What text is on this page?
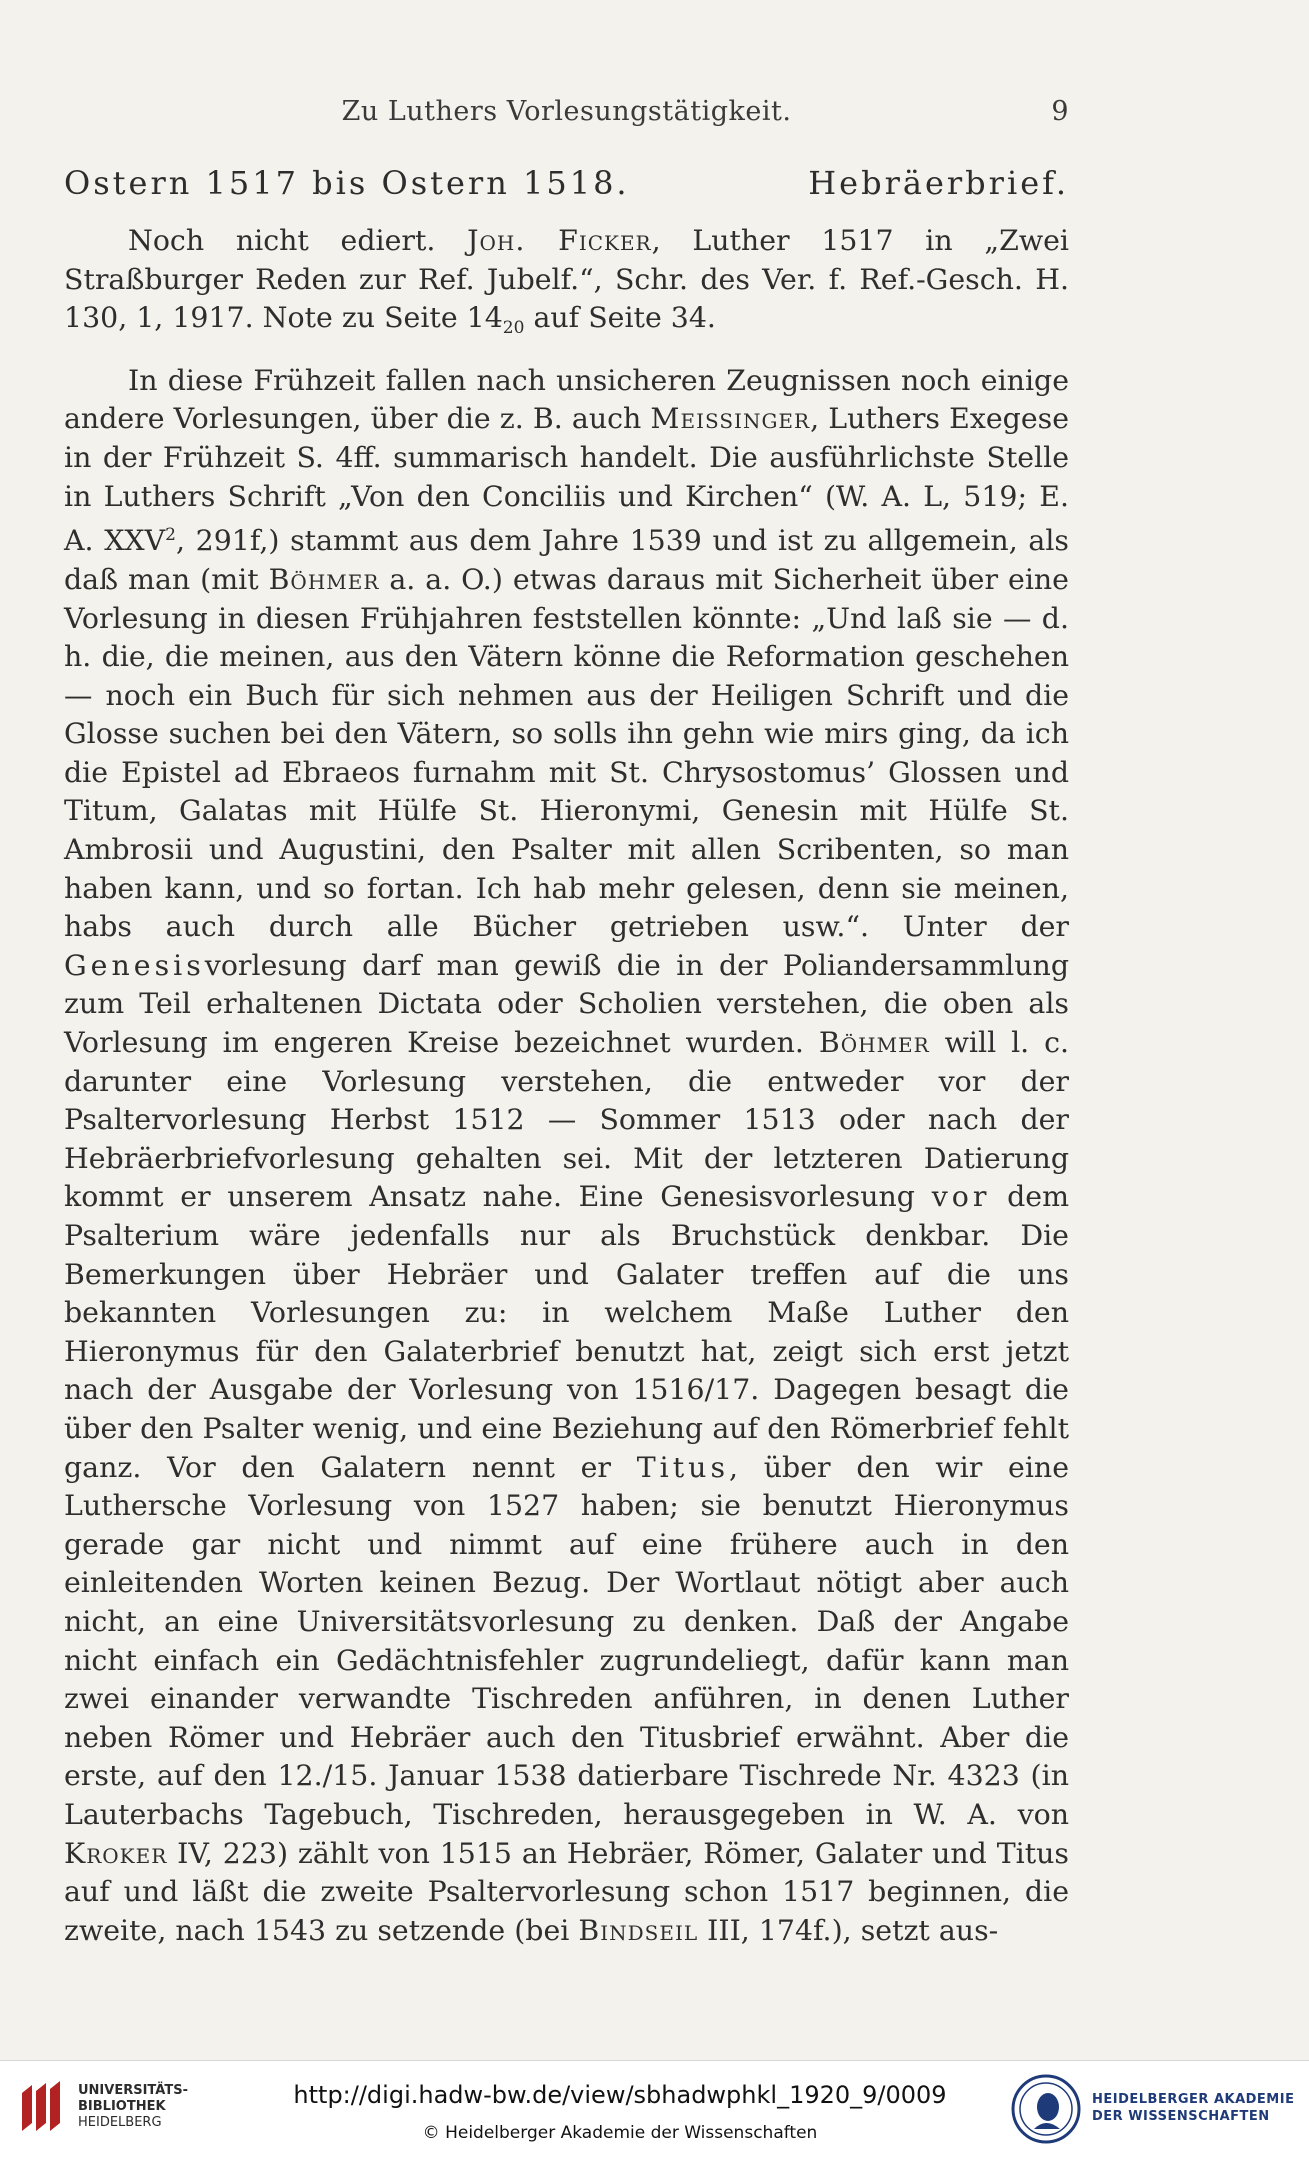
Zu Luthers Vorlesungstätigkeit.	9
Ostern 1517 bis Ostern 1518.	Hebräerbrief.

Noch nicht ediert. Joh. Ficker, Luther 1517 in „Zwei Straßburger Reden zur Ref. Jubelf.“, Schr. des Ver. f. Ref.-Gesch. H. 130, 1, 1917. Note zu Seite $14_{20}$ auf Seite 34.

In diese Frühzeit fallen nach unsicheren Zeugnissen noch einige andere Vorlesungen, über die z. B. auch Meissinger, Luthers Exegese in der Frühzeit S. 4ff. summarisch handelt. Die ausführlichste Stelle in Luthers Schrift „Von den Conciliis und Kirchen“ (W. A. L, 519; E. A. XXV$^2$, 291f,) stammt aus dem Jahre 1539 und ist zu allgemein, als daß man (mit Böhmer a. a. O.) etwas daraus mit Sicherheit über eine Vorlesung in diesen Frühjahren feststellen könnte: „Und laß sie — d. h. die, die meinen, aus den Vätern könne die Reformation geschehen — noch ein Buch für sich nehmen aus der Heiligen Schrift und die Glosse suchen bei den Vätern, so solls ihn gehn wie mirs ging, da ich die Epistel ad Ebraeos furnahm mit St. Chrysostomus’ Glossen und Titum, Galatas mit Hülfe St. Hieronymi, Genesin mit Hülfe St. Ambrosii und Augustini, den Psalter mit allen Scribenten, so man haben kann, und so fortan. Ich hab mehr gelesen, denn sie meinen, habs auch durch alle Bücher getrieben usw.“. Unter der Genesisvorlesung darf man gewiß die in der Poliandersammlung zum Teil erhaltenen Dictata oder Scholien verstehen, die oben als Vorlesung im engeren Kreise bezeichnet wurden. Böhmer will l. c. darunter eine Vorlesung verstehen, die entweder vor der Psaltervorlesung Herbst 1512 — Sommer 1513 oder nach der Hebräerbriefvorlesung gehalten sei. Mit der letzteren Datierung kommt er unserem Ansatz nahe. Eine Genesisvorlesung vor dem Psalterium wäre jedenfalls nur als Bruchstück denkbar. Die Bemerkungen über Hebräer und Galater treffen auf die uns bekannten Vorlesungen zu: in welchem Maße Luther den Hieronymus für den Galaterbrief benutzt hat, zeigt sich erst jetzt nach der Ausgabe der Vorlesung von 1516/17. Dagegen besagt die über den Psalter wenig, und eine Beziehung auf den Römerbrief fehlt ganz. Vor den Galatern nennt er Titus, über den wir eine Luthersche Vorlesung von 1527 haben; sie benutzt Hieronymus gerade gar nicht und nimmt auf eine frühere auch in den einleitenden Worten keinen Bezug. Der Wortlaut nötigt aber auch nicht, an eine Universitätsvorlesung zu denken. Daß der Angabe nicht einfach ein Gedächtnisfehler zugrundeliegt, dafür kann man zwei einander verwandte Tischreden anführen, in denen Luther neben Römer und Hebräer auch den Titusbrief erwähnt. Aber die erste, auf den 12./15. Januar 1538 datierbare Tischrede Nr. 4323 (in Lauterbachs Tagebuch, Tischreden, herausgegeben in W. A. von Kroker IV, 223) zählt von 1515 an Hebräer, Römer, Galater und Titus auf und läßt die zweite Psaltervorlesung schon 1517 beginnen, die zweite, nach 1543 zu setzende (bei Bindseil III, 174f.), setzt aus-

UNIVERSITÄTS-
BIBLIOTHEK
HEIDELBERG
http://digi.hadw-bw.de/view/sbhadwphkl_1920_9/0009
© Heidelberger Akademie der Wissenschaften
HEIDELBERGER AKADEMIE
DER WISSENSCHAFTEN
